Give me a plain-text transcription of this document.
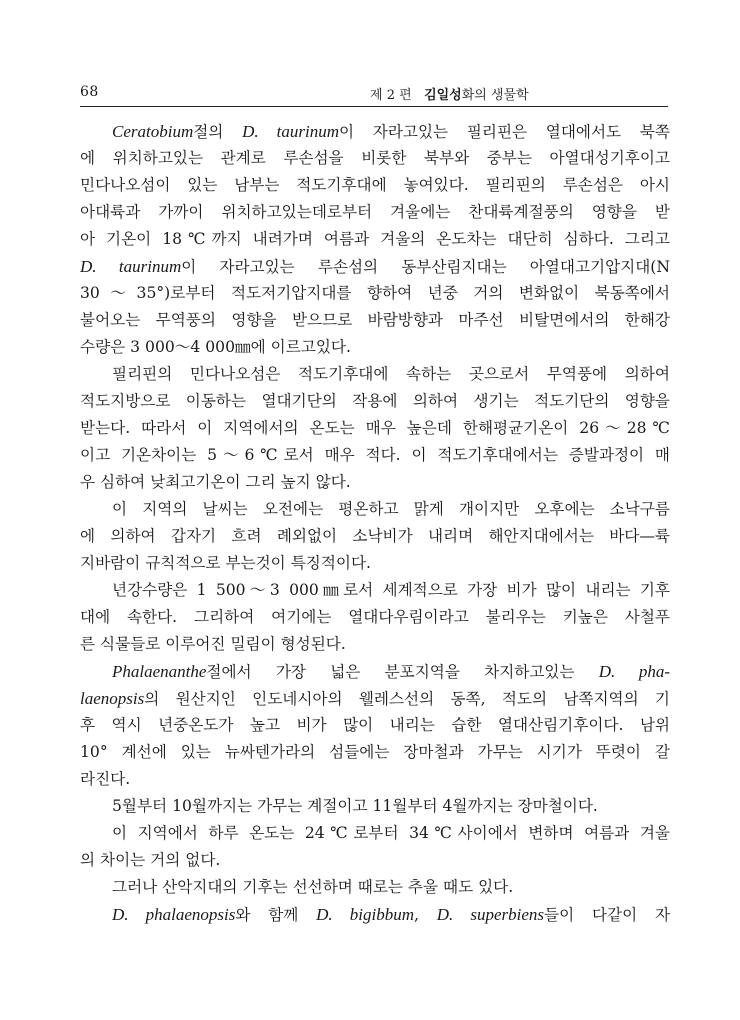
68	제 2 편 김일성화의 생물학
Ceratobium절의 D. taurinum이 자라고있는 필리핀은 열대에서도 북쪽
에 위치하고있는 관계로 루손섬을 비롯한 북부와 중부는 아열대성기후이고
민다나오섬이 있는 남부는 적도기후대에 놓여있다. 필리핀의 루손섬은 아시
아대륙과 가까이 위치하고있는데로부터 겨울에는 찬대륙계절풍의 영향을 받
아 기온이 18℃까지 내려가며 여름과 겨울의 온도차는 대단히 심하다. 그리고
D. taurinum이 자라고있는 루손섬의 동부산림지대는 아열대고기압지대(N
30～35°)로부터 적도저기압지대를 향하여 년중 거의 변화없이 북동쪽에서
불어오는 무역풍의 영향을 받으므로 바람방향과 마주선 비탈면에서의 한해강
수량은 3 000～4 000㎜에 이르고있다.
필리핀의 민다나오섬은 적도기후대에 속하는 곳으로서 무역풍에 의하여
적도지방으로 이동하는 열대기단의 작용에 의하여 생기는 적도기단의 영향을
받는다. 따라서 이 지역에서의 온도는 매우 높은데 한해평균기온이 26～28℃
이고 기온차이는 5～6℃로서 매우 적다. 이 적도기후대에서는 증발과정이 매
우 심하여 낮최고기온이 그리 높지 않다.
이 지역의 날씨는 오전에는 평온하고 맑게 개이지만 오후에는 소낙구름
에 의하여 갑자기 흐려 례외없이 소낙비가 내리며 해안지대에서는 바다—륙
지바람이 규칙적으로 부는것이 특징적이다.
년강수량은 1 500～3 000㎜로서 세계적으로 가장 비가 많이 내리는 기후
대에 속한다. 그리하여 여기에는 열대다우림이라고 불리우는 키높은 사철푸
른 식물들로 이루어진 밀림이 형성된다.
Phalaenanthe절에서 가장 넓은 분포지역을 차지하고있는 D. pha-
laenopsis의 원산지인 인도네시아의 웰레스선의 동쪽, 적도의 남쪽지역의 기
후 역시 년중온도가 높고 비가 많이 내리는 습한 열대산림기후이다. 남위
10° 계선에 있는 뉴싸텐가라의 섬들에는 장마철과 가무는 시기가 뚜렷이 갈
라진다.
5월부터 10월까지는 가무는 계절이고 11월부터 4월까지는 장마철이다.
이 지역에서 하루 온도는 24℃로부터 34℃사이에서 변하며 여름과 겨울
의 차이는 거의 없다.
그러나 산악지대의 기후는 선선하며 때로는 추울 때도 있다.
D. phalaenopsis와 함께 D. bigibbum, D. superbiens들이 다같이 자
